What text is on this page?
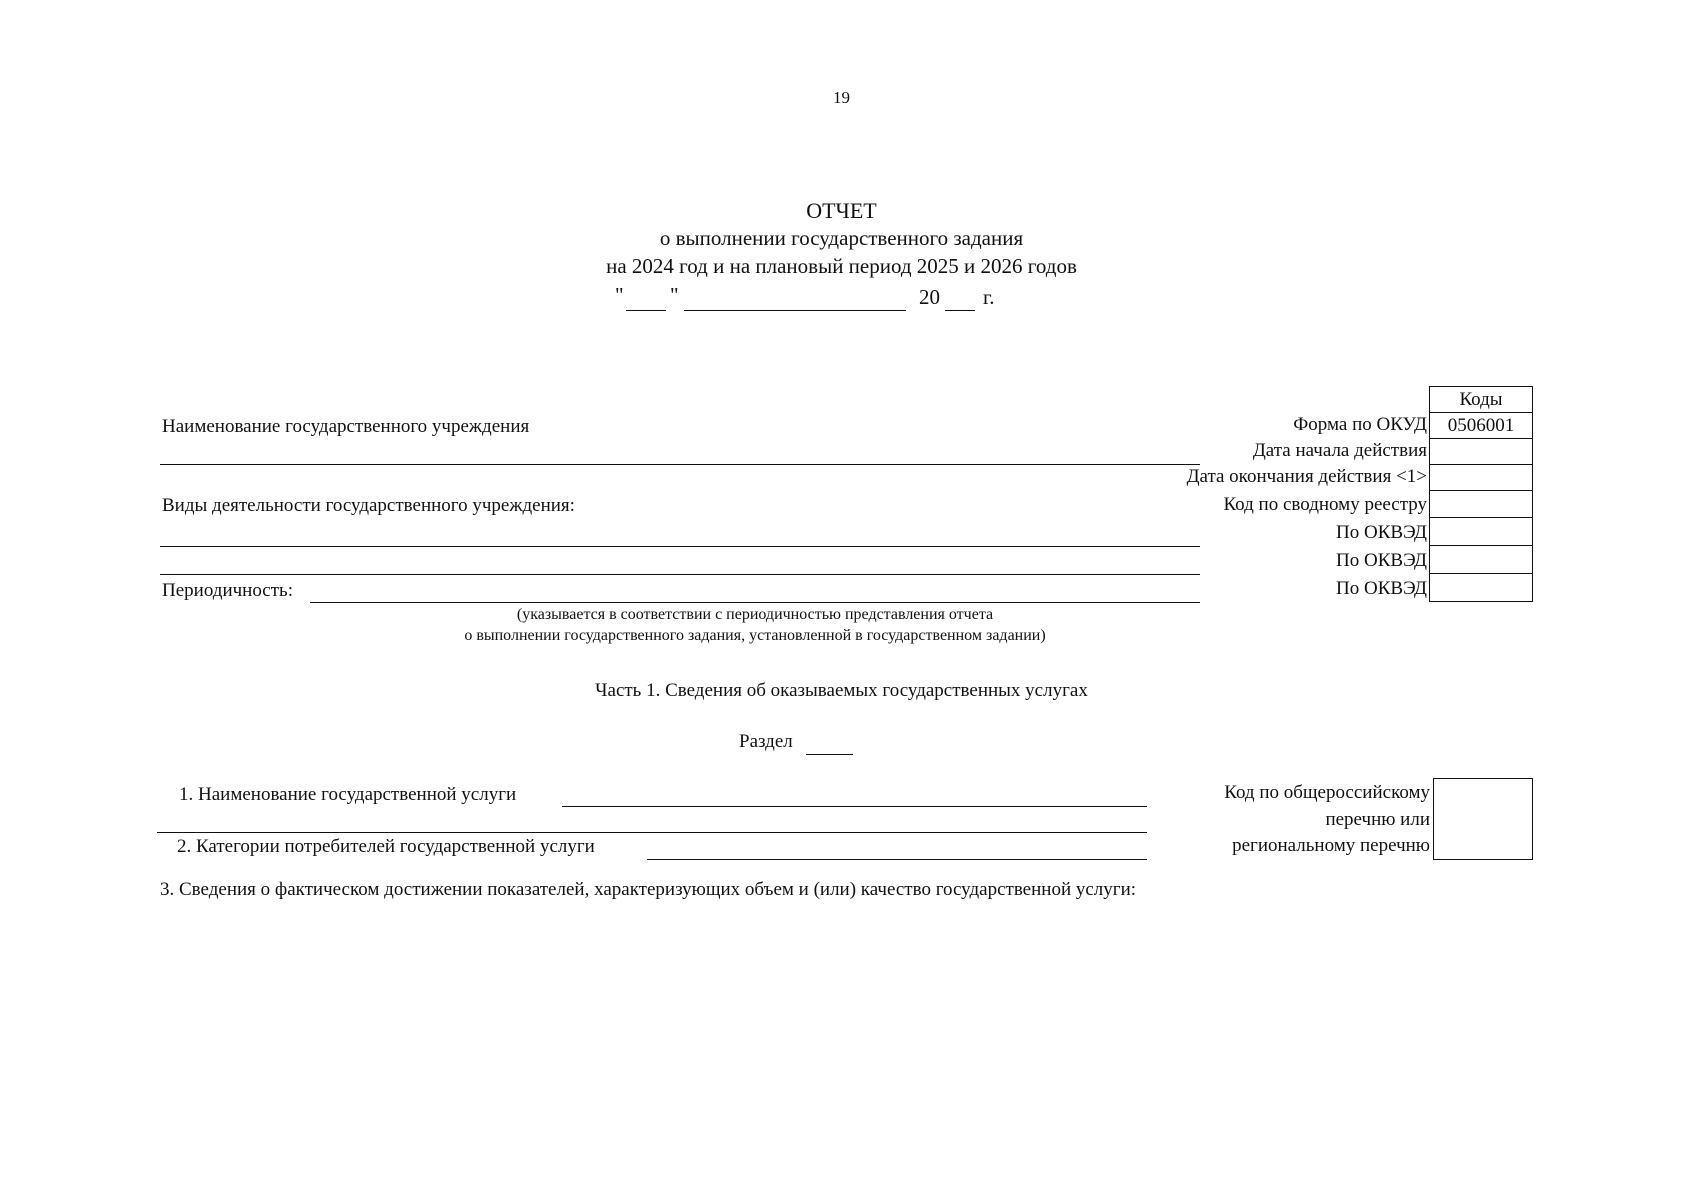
19
ОТЧЕТ
о выполнении государственного задания
на 2024 год и на плановый период 2025 и 2026 годов
" "	20 г.
Коды
0506001
Форма по ОКУД
Дата начала действия
Дата окончания действия <1>
Код по сводному реестру
По ОКВЭД
По ОКВЭД
По ОКВЭД
Наименование государственного учреждения
Виды деятельности государственного учреждения:
Периодичность:
(указывается в соответствии с периодичностью представления отчета
о выполнении государственного задания, установленной в государственном задании)
Часть 1. Сведения об оказываемых государственных услугах
Раздел
1. Наименование государственной услуги
2. Категории потребителей государственной услуги
Код по общероссийскому
перечню или
региональному перечню
3. Сведения о фактическом достижении показателей, характеризующих объем и (или) качество государственной услуги:
